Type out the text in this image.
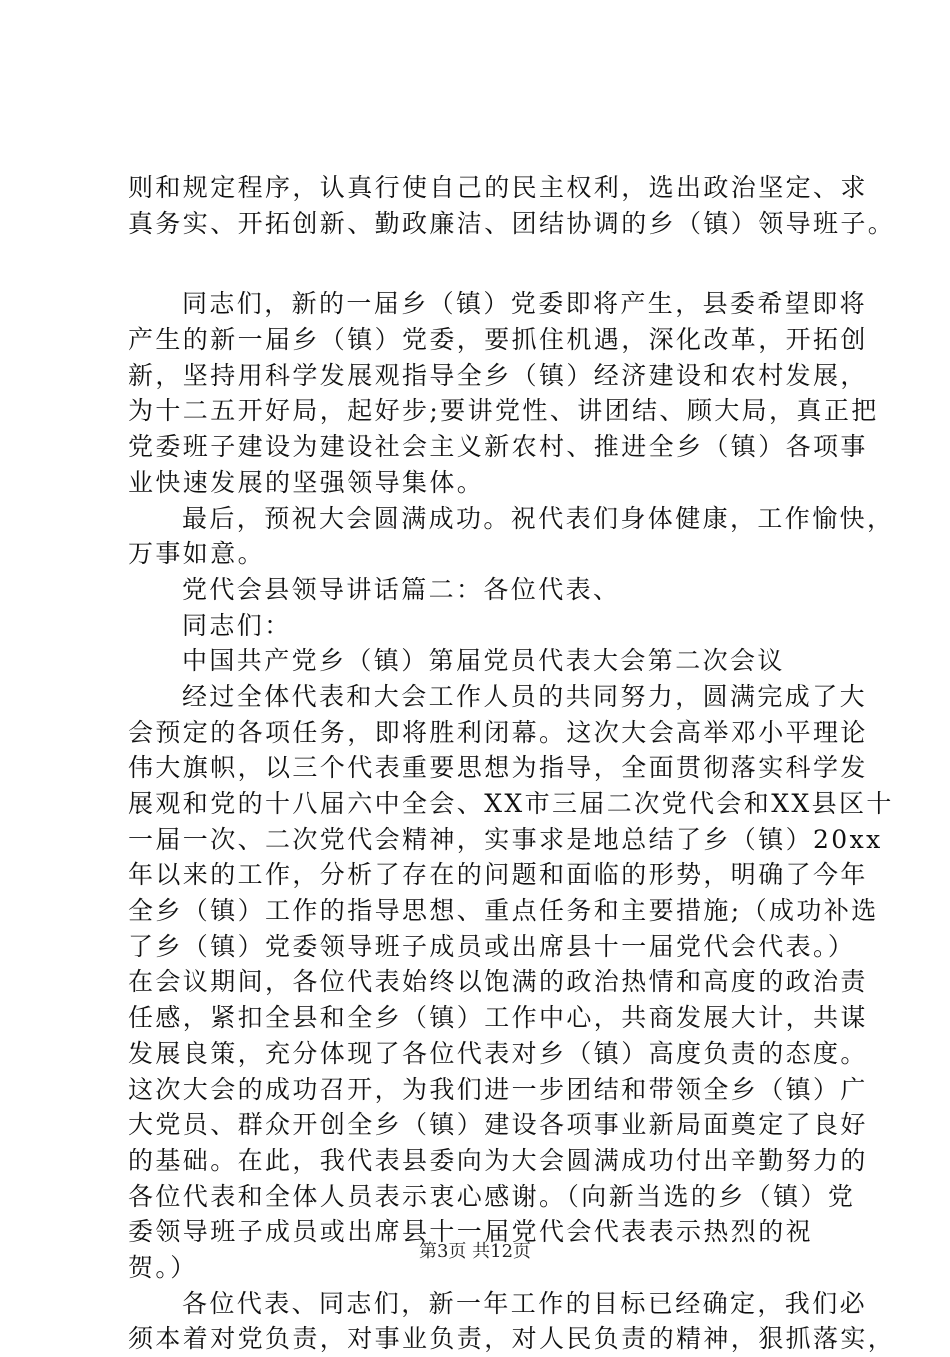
则和规定程序，认真行使自己的民主权利，选出政治坚定、求
真务实、开拓创新、勤政廉洁、团结协调的乡（镇）领导班子。
同志们，新的一届乡（镇）党委即将产生，县委希望即将
产生的新一届乡（镇）党委，要抓住机遇，深化改革，开拓创
新，坚持用科学发展观指导全乡（镇）经济建设和农村发展，
为十二五开好局，起好步;要讲党性、讲团结、顾大局，真正把
党委班子建设为建设社会主义新农村、推进全乡（镇）各项事
业快速发展的坚强领导集体。
最后，预祝大会圆满成功。祝代表们身体健康，工作愉快，
万事如意。
党代会县领导讲话篇二：各位代表、
同志们：
中国共产党乡（镇）第届党员代表大会第二次会议
经过全体代表和大会工作人员的共同努力，圆满完成了大
会预定的各项任务，即将胜利闭幕。这次大会高举邓小平理论
伟大旗帜，以三个代表重要思想为指导，全面贯彻落实科学发
展观和党的十八届六中全会、XX市三届二次党代会和XX县区十
一届一次、二次党代会精神，实事求是地总结了乡（镇）20xx
年以来的工作，分析了存在的问题和面临的形势，明确了今年
全乡（镇）工作的指导思想、重点任务和主要措施;（成功补选
了乡（镇）党委领导班子成员或出席县十一届党代会代表。）
在会议期间，各位代表始终以饱满的政治热情和高度的政治责
任感，紧扣全县和全乡（镇）工作中心，共商发展大计，共谋
发展良策，充分体现了各位代表对乡（镇）高度负责的态度。
这次大会的成功召开，为我们进一步团结和带领全乡（镇）广
大党员、群众开创全乡（镇）建设各项事业新局面奠定了良好
的基础。在此，我代表县委向为大会圆满成功付出辛勤努力的
各位代表和全体人员表示衷心感谢。（向新当选的乡（镇）党
委领导班子成员或出席县十一届党代会代表表示热烈的祝
贺。）
各位代表、同志们，新一年工作的目标已经确定，我们必
须本着对党负责，对事业负责，对人民负责的精神，狠抓落实，
第3页 共12页
